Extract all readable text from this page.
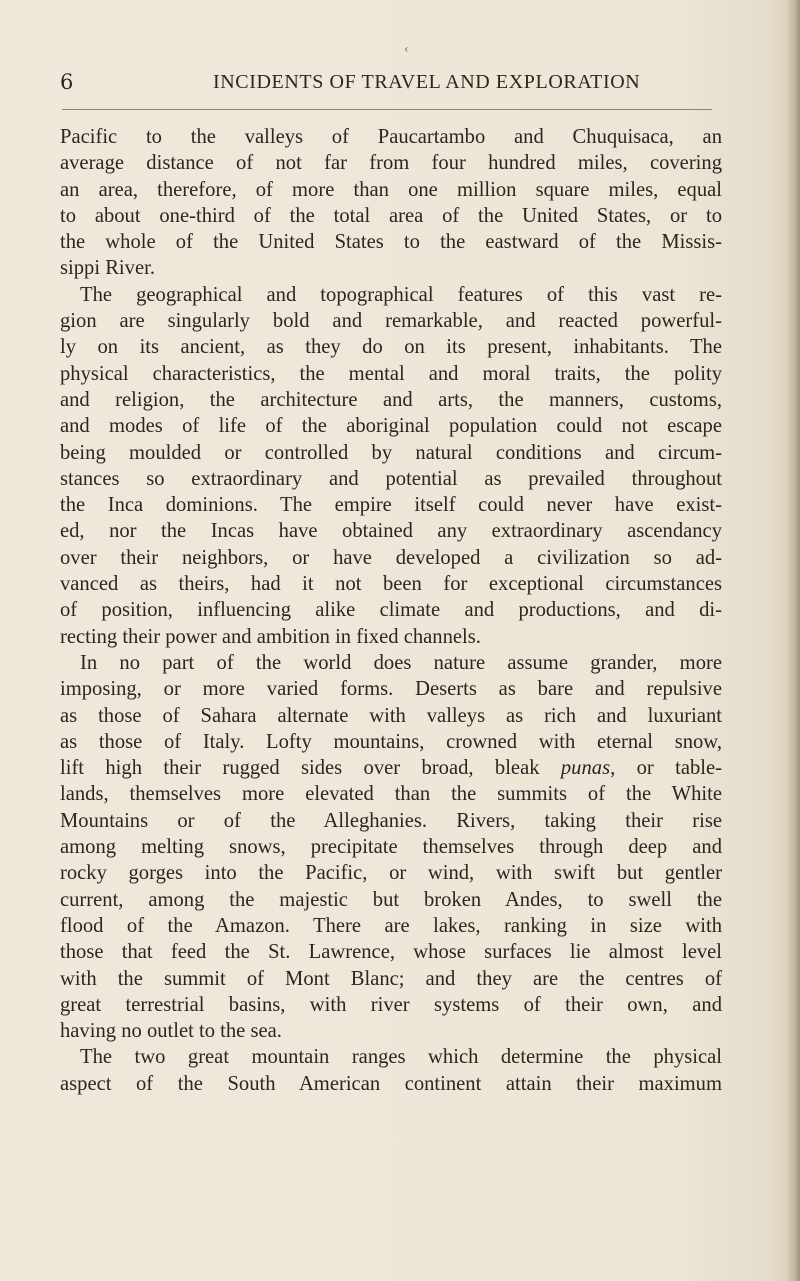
‹
6	INCIDENTS OF TRAVEL AND EXPLORATION
Pacific to the valleys of Paucartambo and Chuquisaca, an
average distance of not far from four hundred miles, covering
an area, therefore, of more than one million square miles, equal
to about one-third of the total area of the United States, or to
the whole of the United States to the eastward of the Missis-
sippi River.
The geographical and topographical features of this vast re-
gion are singularly bold and remarkable, and reacted powerful-
ly on its ancient, as they do on its present, inhabitants. The
physical characteristics, the mental and moral traits, the polity
and religion, the architecture and arts, the manners, customs,
and modes of life of the aboriginal population could not escape
being moulded or controlled by natural conditions and circum-
stances so extraordinary and potential as prevailed throughout
the Inca dominions. The empire itself could never have exist-
ed, nor the Incas have obtained any extraordinary ascendancy
over their neighbors, or have developed a civilization so ad-
vanced as theirs, had it not been for exceptional circumstances
of position, influencing alike climate and productions, and di-
recting their power and ambition in fixed channels.
In no part of the world does nature assume grander, more
imposing, or more varied forms. Deserts as bare and repulsive
as those of Sahara alternate with valleys as rich and luxuriant
as those of Italy. Lofty mountains, crowned with eternal snow,
lift high their rugged sides over broad, bleak punas, or table-
lands, themselves more elevated than the summits of the White
Mountains or of the Alleghanies. Rivers, taking their rise
among melting snows, precipitate themselves through deep and
rocky gorges into the Pacific, or wind, with swift but gentler
current, among the majestic but broken Andes, to swell the
flood of the Amazon. There are lakes, ranking in size with
those that feed the St. Lawrence, whose surfaces lie almost level
with the summit of Mont Blanc; and they are the centres of
great terrestrial basins, with river systems of their own, and
having no outlet to the sea.
The two great mountain ranges which determine the physical
aspect of the South American continent attain their maximum
